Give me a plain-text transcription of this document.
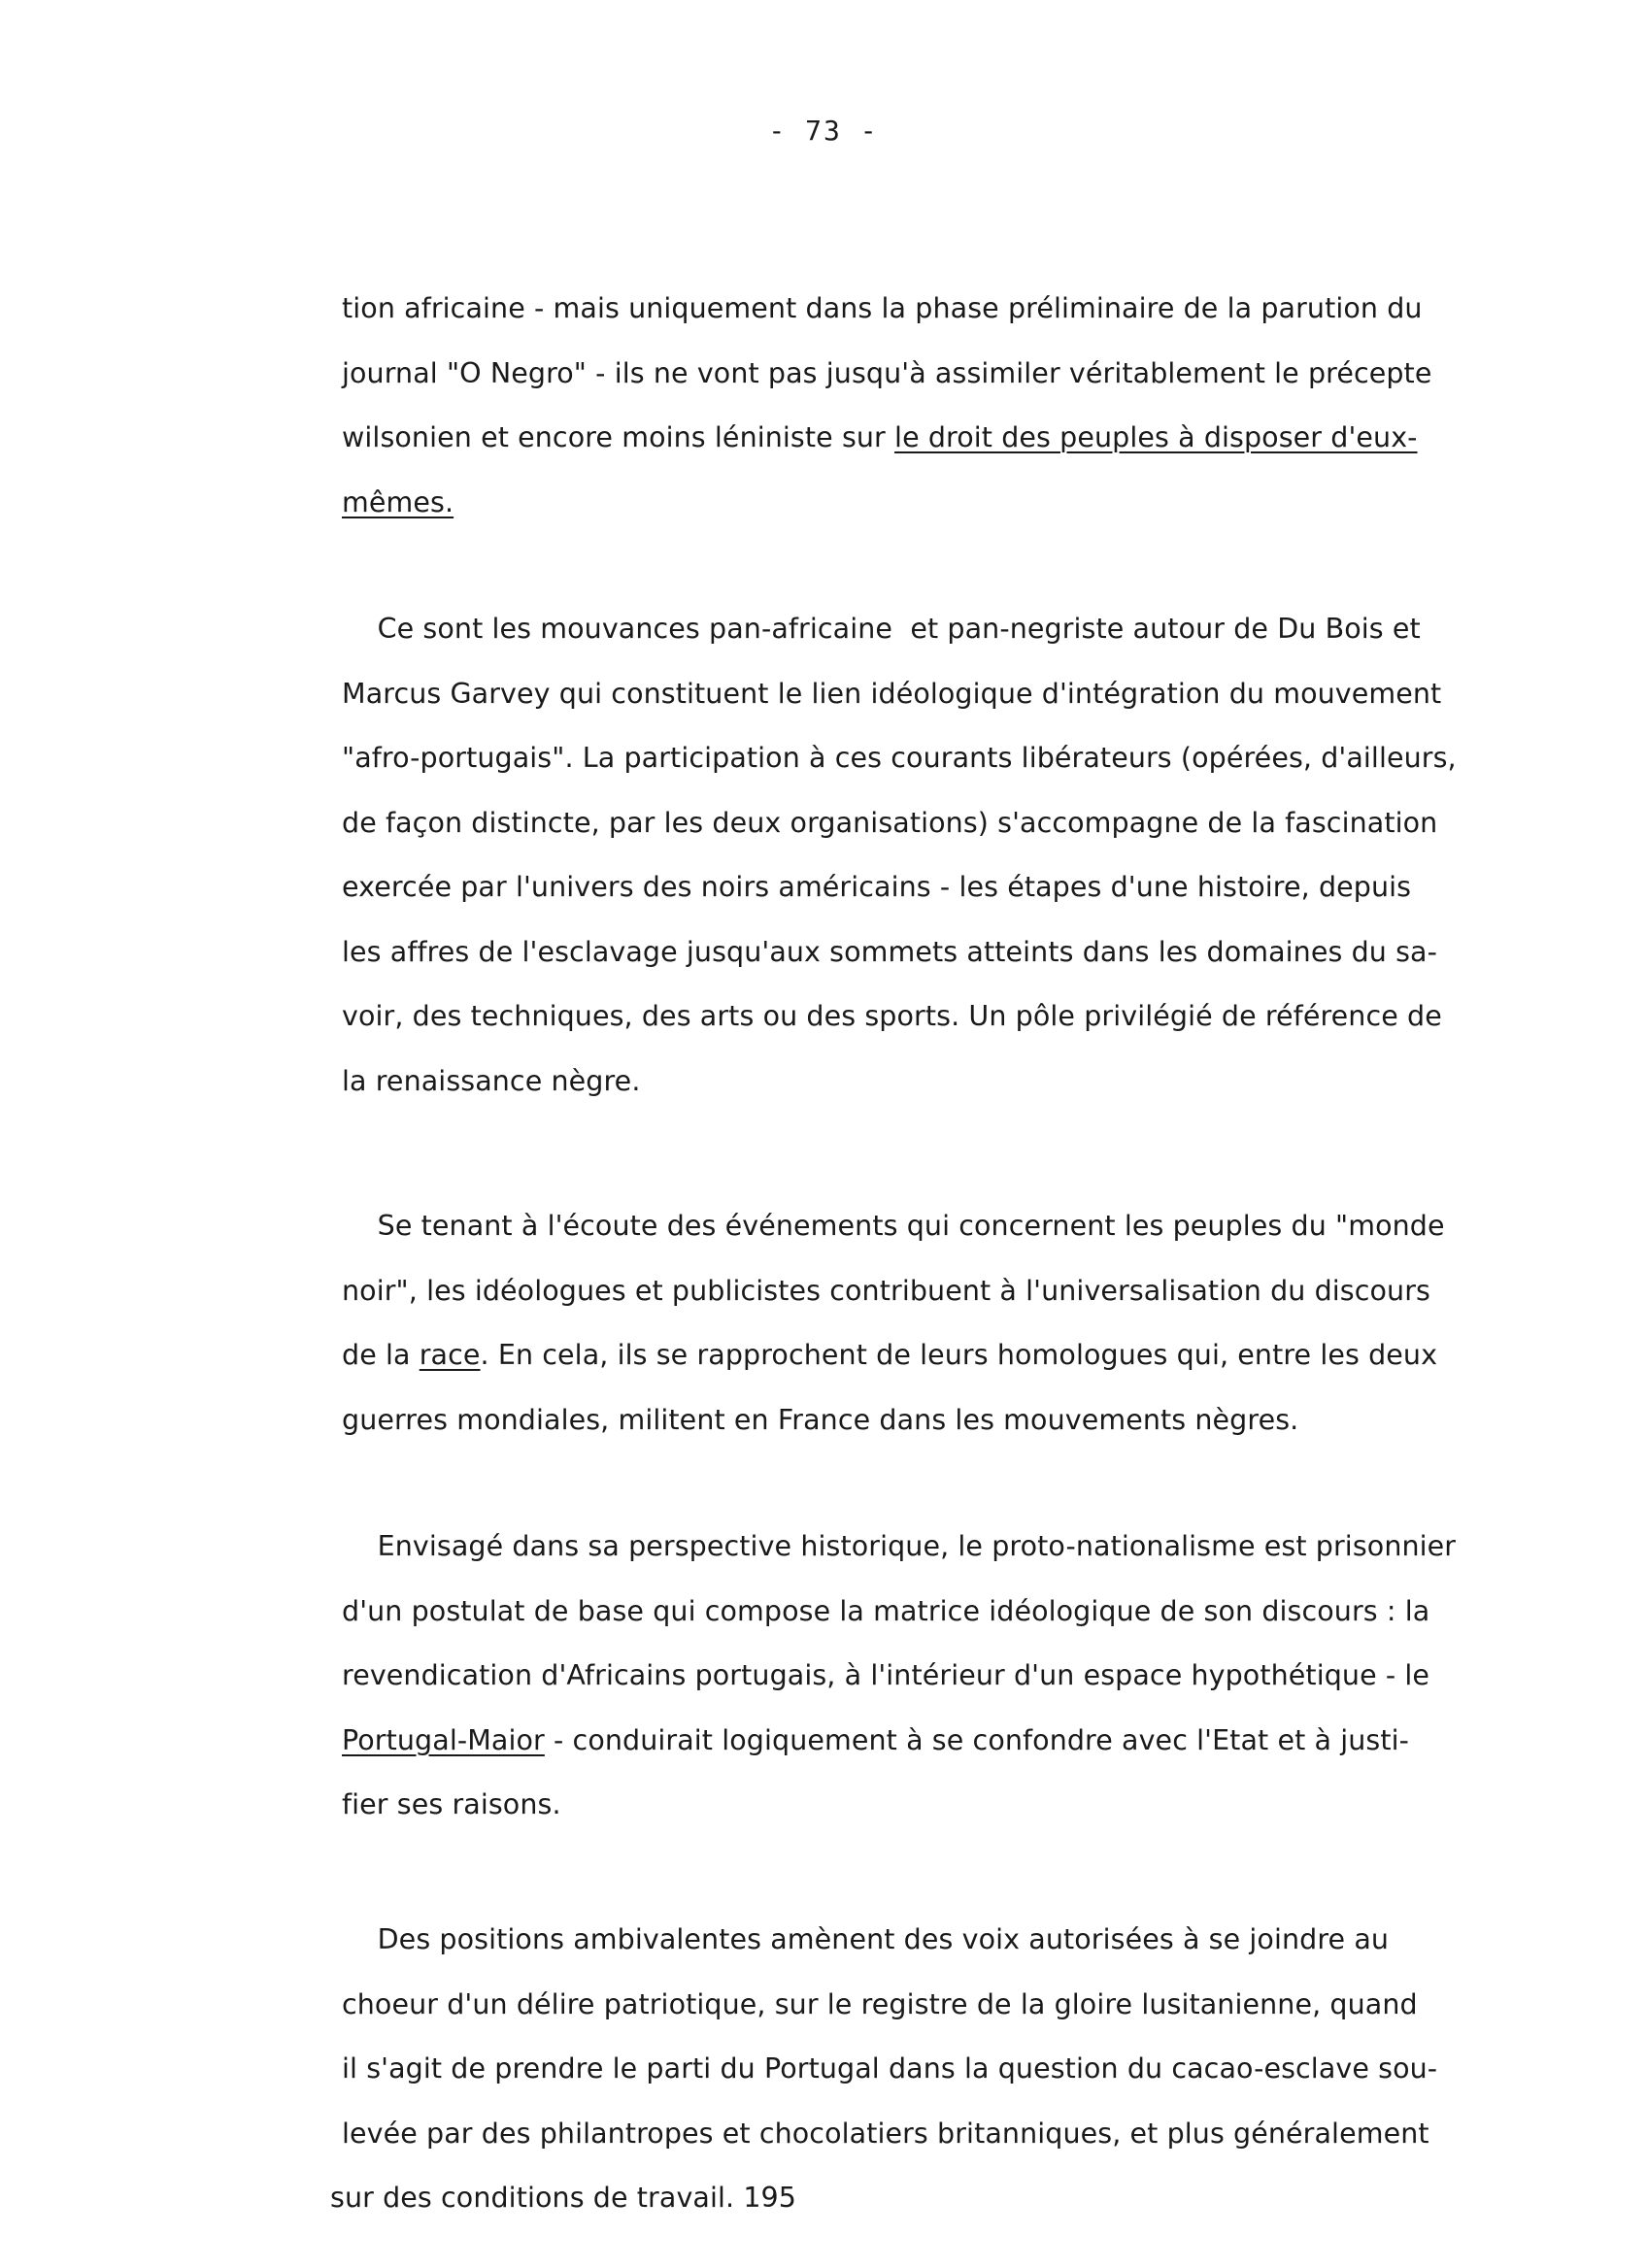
- 73 -
tion africaine - mais uniquement dans la phase préliminaire de la parution du
journal "O Negro" - ils ne vont pas jusqu'à assimiler véritablement le précepte
wilsonien et encore moins léniniste sur le droit des peuples à disposer d'eux-
mêmes.
Ce sont les mouvances pan-africaine  et pan-negriste autour de Du Bois et
Marcus Garvey qui constituent le lien idéologique d'intégration du mouvement
"afro-portugais". La participation à ces courants libérateurs (opérées, d'ailleurs,
de façon distincte, par les deux organisations) s'accompagne de la fascination
exercée par l'univers des noirs américains - les étapes d'une histoire, depuis
les affres de l'esclavage jusqu'aux sommets atteints dans les domaines du sa-
voir, des techniques, des arts ou des sports. Un pôle privilégié de référence de
la renaissance nègre.
Se tenant à l'écoute des événements qui concernent les peuples du "monde
noir", les idéologues et publicistes contribuent à l'universalisation du discours
de la race. En cela, ils se rapprochent de leurs homologues qui, entre les deux
guerres mondiales, militent en France dans les mouvements nègres.
Envisagé dans sa perspective historique, le proto-nationalisme est prisonnier
d'un postulat de base qui compose la matrice idéologique de son discours : la
revendication d'Africains portugais, à l'intérieur d'un espace hypothétique - le
Portugal-Maior - conduirait logiquement à se confondre avec l'Etat et à justi-
fier ses raisons.
Des positions ambivalentes amènent des voix autorisées à se joindre au
choeur d'un délire patriotique, sur le registre de la gloire lusitanienne, quand
il s'agit de prendre le parti du Portugal dans la question du cacao-esclave sou-
levée par des philantropes et chocolatiers britanniques, et plus généralement
sur des conditions de travail. 195
